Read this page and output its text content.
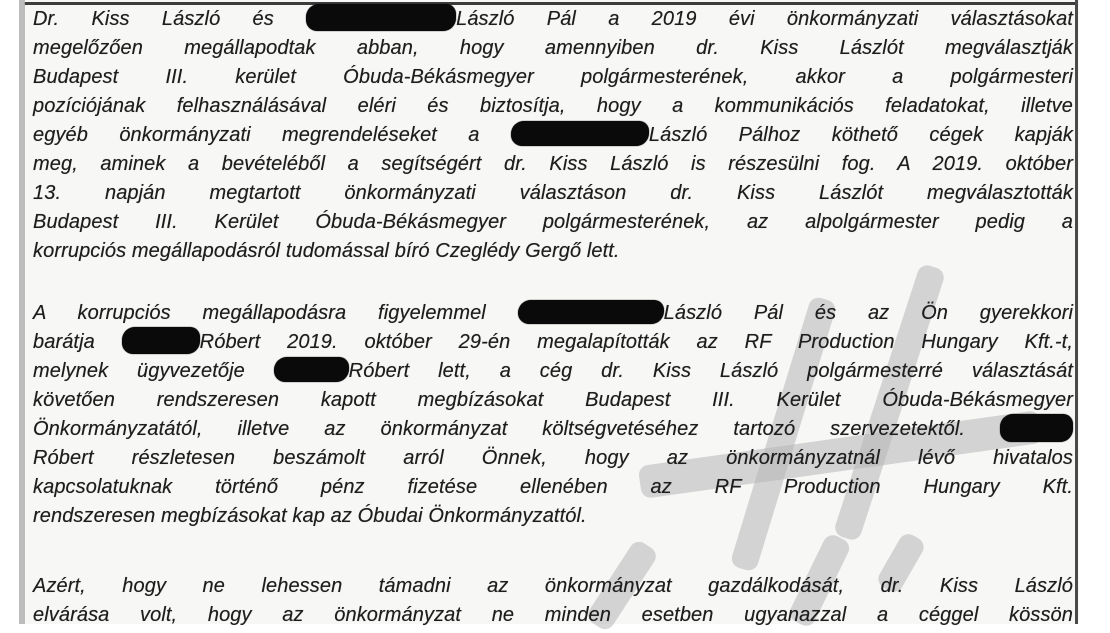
Dr. Kiss László és	László Pál a 2019 évi önkormányzati választásokat
megelőzően megállapodtak abban, hogy amennyiben dr. Kiss Lászlót megválasztják
Budapest III. kerület Óbuda-Békásmegyer polgármesterének, akkor a polgármesteri
pozíciójának felhasználásával eléri és biztosítja, hogy a kommunikációs feladatokat, illetve
egyéb önkormányzati megrendeléseket a	László Pálhoz köthető cégek kapják
meg, aminek a bevételéből a segítségért dr. Kiss László is részesülni fog. A 2019. október
13. napján megtartott önkormányzati választáson dr. Kiss Lászlót megválasztották
Budapest III. Kerület Óbuda-Békásmegyer polgármesterének, az alpolgármester pedig a
korrupciós megállapodásról tudomással bíró Czeglédy Gergő lett.
A korrupciós megállapodásra figyelemmel	László Pál és az Ön gyerekkori
barátja	Róbert 2019. október 29-én megalapították az RF Production Hungary Kft.-t,
melynek ügyvezetője	Róbert lett, a cég dr. Kiss László polgármesterré választását
követően rendszeresen kapott megbízásokat Budapest III. Kerület Óbuda-Békásmegyer
Önkormányzatától, illetve az önkormányzat költségvetéséhez tartozó szervezetektől.
Róbert részletesen beszámolt arról Önnek, hogy az önkormányzatnál lévő hivatalos
kapcsolatuknak történő pénz fizetése ellenében az RF Production Hungary Kft.
rendszeresen megbízásokat kap az Óbudai Önkormányzattól.
Azért, hogy ne lehessen támadni az önkormányzat gazdálkodását, dr. Kiss László
elvárása volt, hogy az önkormányzat ne minden esetben ugyanazzal a céggel kössön
